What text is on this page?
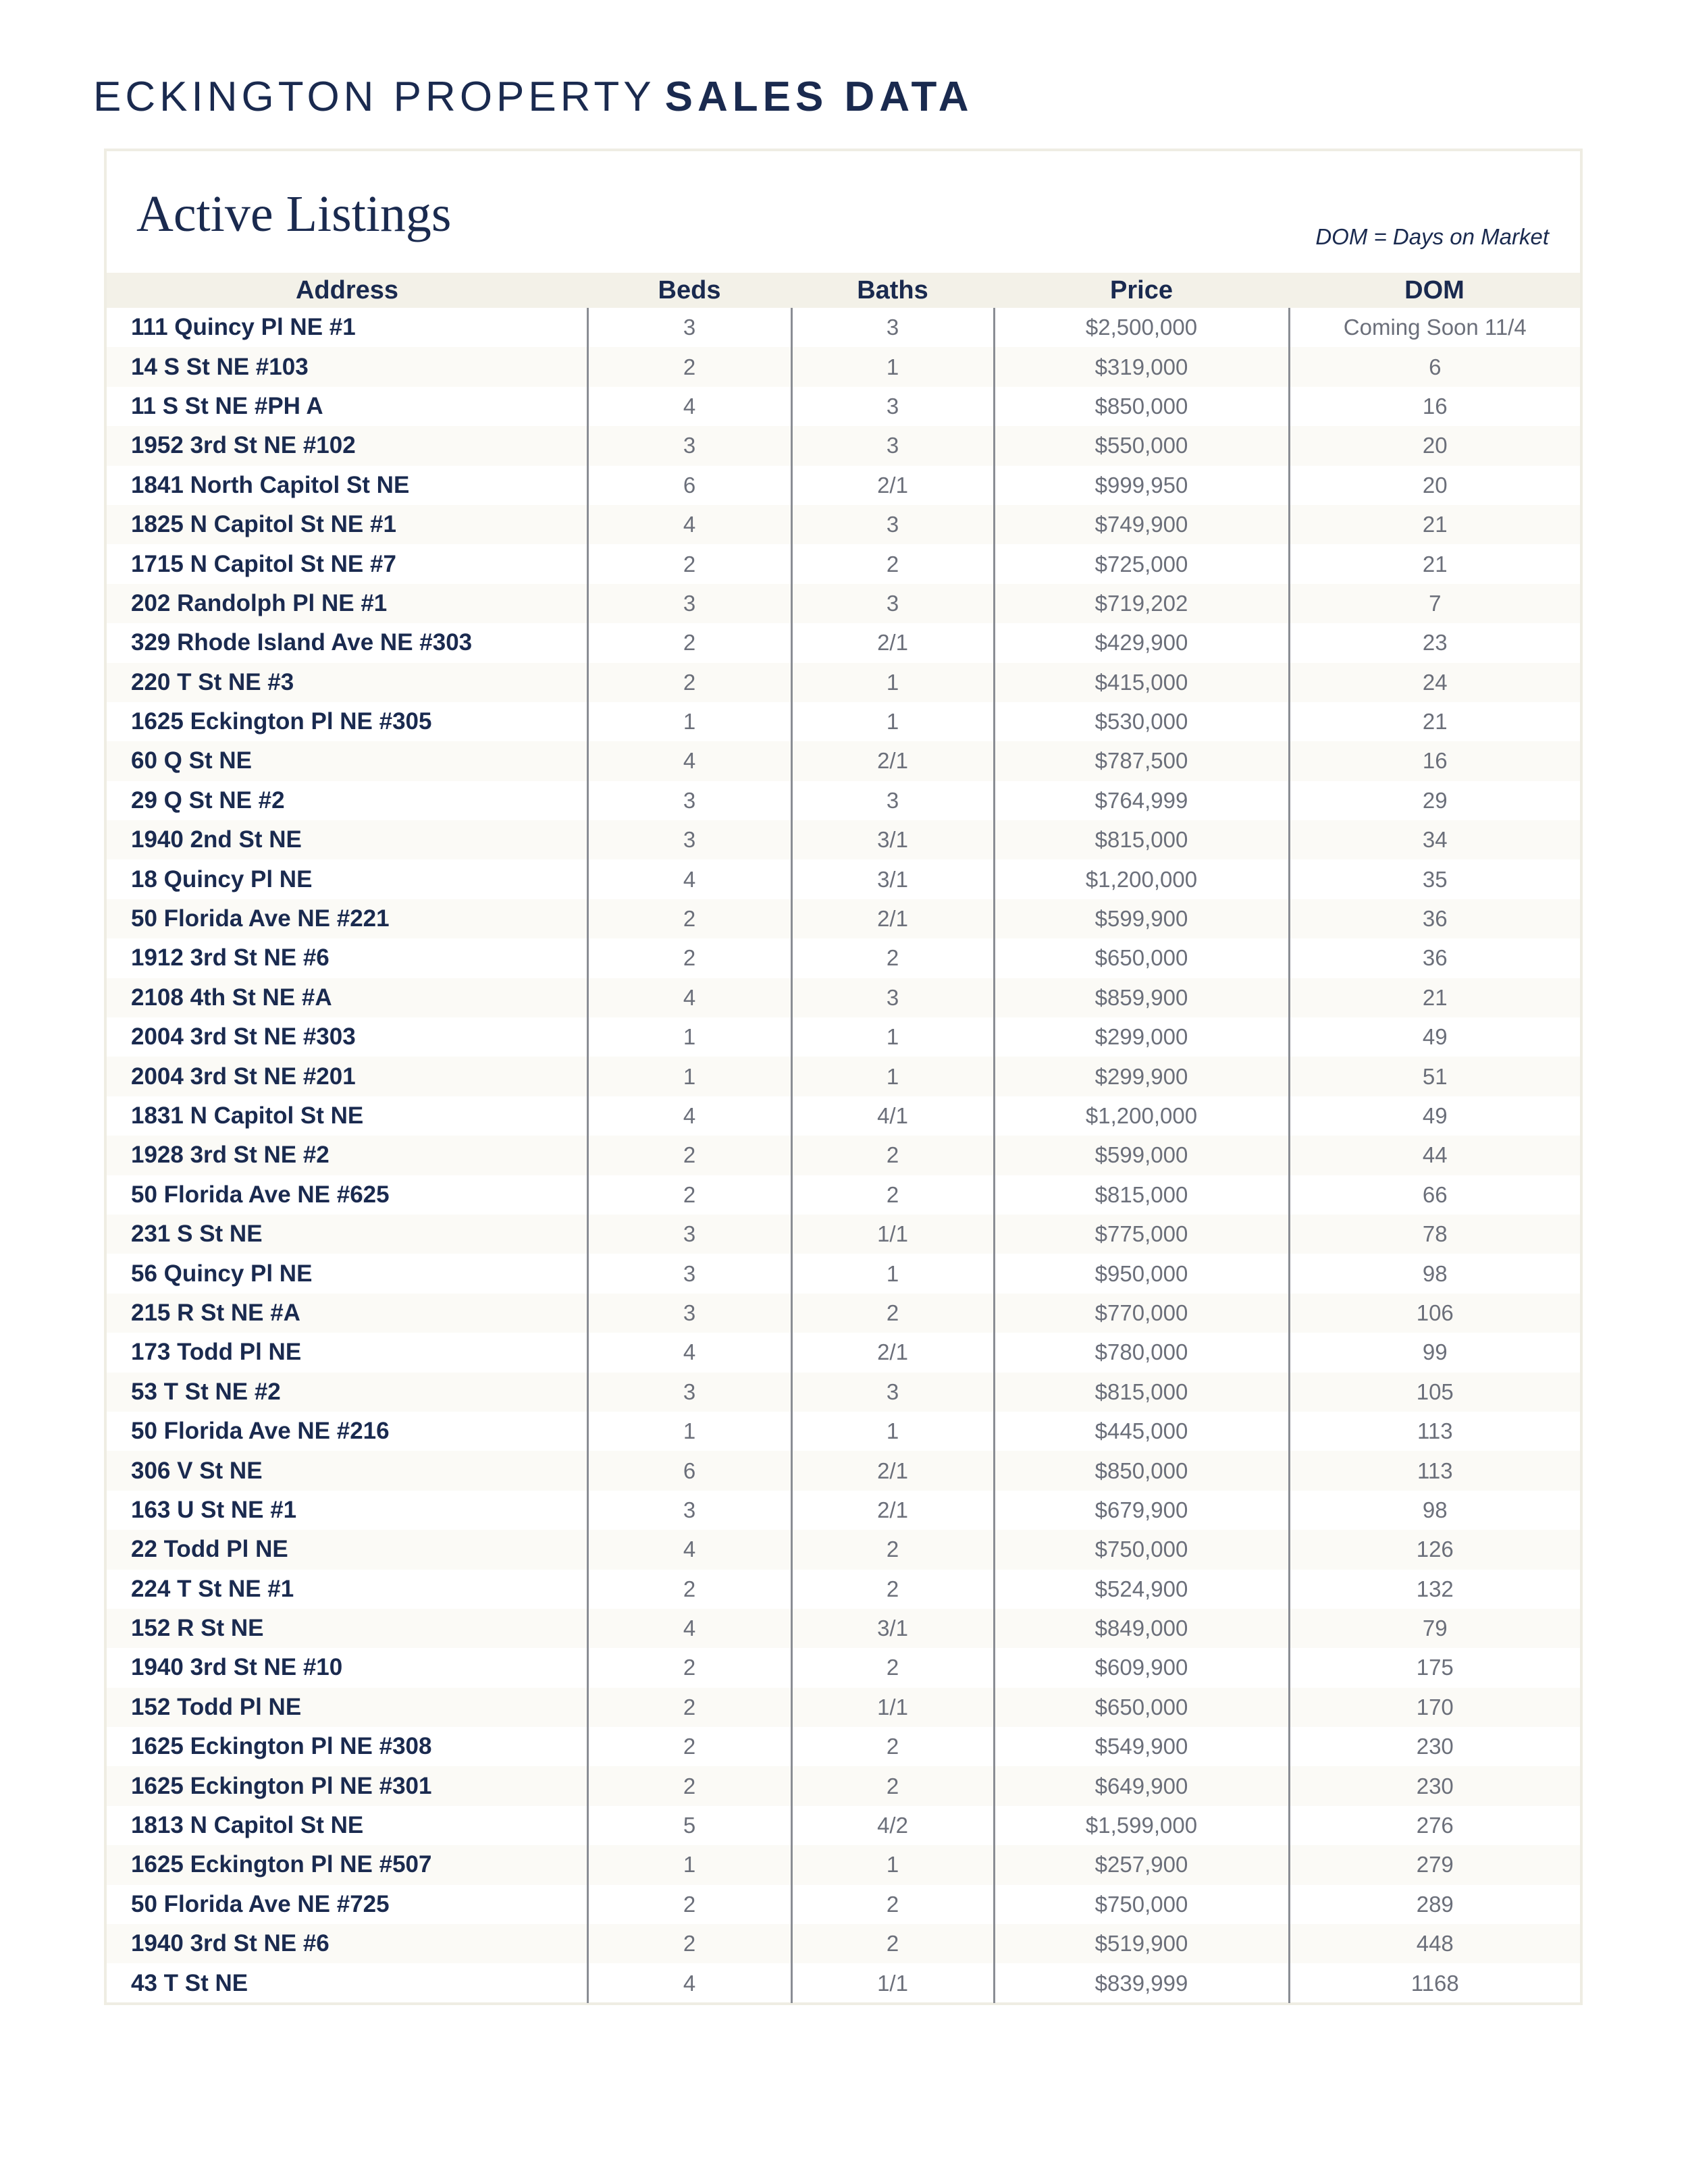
ECKINGTON PROPERTY SALES DATA
Active Listings	DOM = Days on Market
Address	Beds	Baths	Price	DOM
111 Quincy Pl NE #1	3	3	$2,500,000	Coming Soon 11/4
14 S St NE #103	2	1	$319,000	6
11 S St NE #PH A	4	3	$850,000	16
1952 3rd St NE #102	3	3	$550,000	20
1841 North Capitol St NE	6	2/1	$999,950	20
1825 N Capitol St NE #1	4	3	$749,900	21
1715 N Capitol St NE #7	2	2	$725,000	21
202 Randolph Pl NE #1	3	3	$719,202	7
329 Rhode Island Ave NE #303	2	2/1	$429,900	23
220 T St NE #3	2	1	$415,000	24
1625 Eckington Pl NE #305	1	1	$530,000	21
60 Q St NE	4	2/1	$787,500	16
29 Q St NE #2	3	3	$764,999	29
1940 2nd St NE	3	3/1	$815,000	34
18 Quincy Pl NE	4	3/1	$1,200,000	35
50 Florida Ave NE #221	2	2/1	$599,900	36
1912 3rd St NE #6	2	2	$650,000	36
2108 4th St NE #A	4	3	$859,900	21
2004 3rd St NE #303	1	1	$299,000	49
2004 3rd St NE #201	1	1	$299,900	51
1831 N Capitol St NE	4	4/1	$1,200,000	49
1928 3rd St NE #2	2	2	$599,000	44
50 Florida Ave NE #625	2	2	$815,000	66
231 S St NE	3	1/1	$775,000	78
56 Quincy Pl NE	3	1	$950,000	98
215 R St NE #A	3	2	$770,000	106
173 Todd Pl NE	4	2/1	$780,000	99
53 T St NE #2	3	3	$815,000	105
50 Florida Ave NE #216	1	1	$445,000	113
306 V St NE	6	2/1	$850,000	113
163 U St NE #1	3	2/1	$679,900	98
22 Todd Pl NE	4	2	$750,000	126
224 T St NE #1	2	2	$524,900	132
152 R St NE	4	3/1	$849,000	79
1940 3rd St NE #10	2	2	$609,900	175
152 Todd Pl NE	2	1/1	$650,000	170
1625 Eckington Pl NE #308	2	2	$549,900	230
1625 Eckington Pl NE #301	2	2	$649,900	230
1813 N Capitol St NE	5	4/2	$1,599,000	276
1625 Eckington Pl NE #507	1	1	$257,900	279
50 Florida Ave NE #725	2	2	$750,000	289
1940 3rd St NE #6	2	2	$519,900	448
43 T St NE	4	1/1	$839,999	1168
